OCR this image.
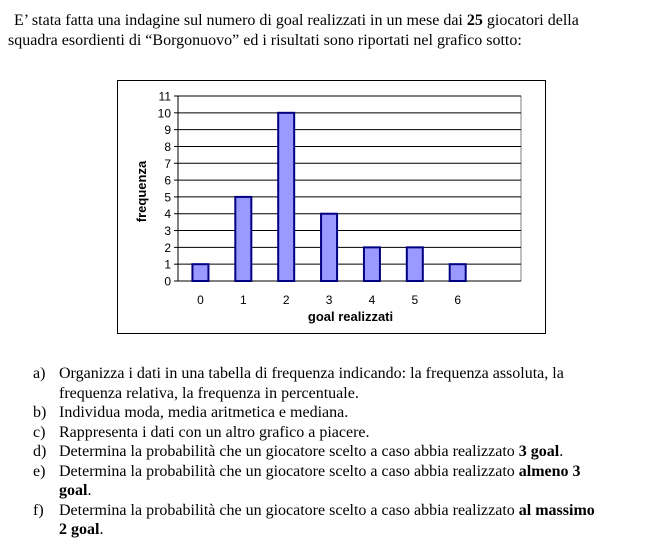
E’ stata fatta una indagine sul numero di goal realizzati in un mese dai 25 giocatori della
squadra esordienti di “Borgonuovo” ed i risultati sono riportati nel grafico sotto:
0
1
2
3
4
5
6
7
8
9
10
11
0	1	2	3	4	5	6
goal realizzati
frequenza
a) Organizza i dati in una tabella di frequenza indicando: la frequenza assoluta, la
frequenza relativa, la frequenza in percentuale.
b) Individua moda, media aritmetica e mediana.
c) Rappresenta i dati con un altro grafico a piacere.
d) Determina la probabilità che un giocatore scelto a caso abbia realizzato 3 goal.
e) Determina la probabilità che un giocatore scelto a caso abbia realizzato almeno 3
goal.
f) Determina la probabilità che un giocatore scelto a caso abbia realizzato al massimo
2 goal.
